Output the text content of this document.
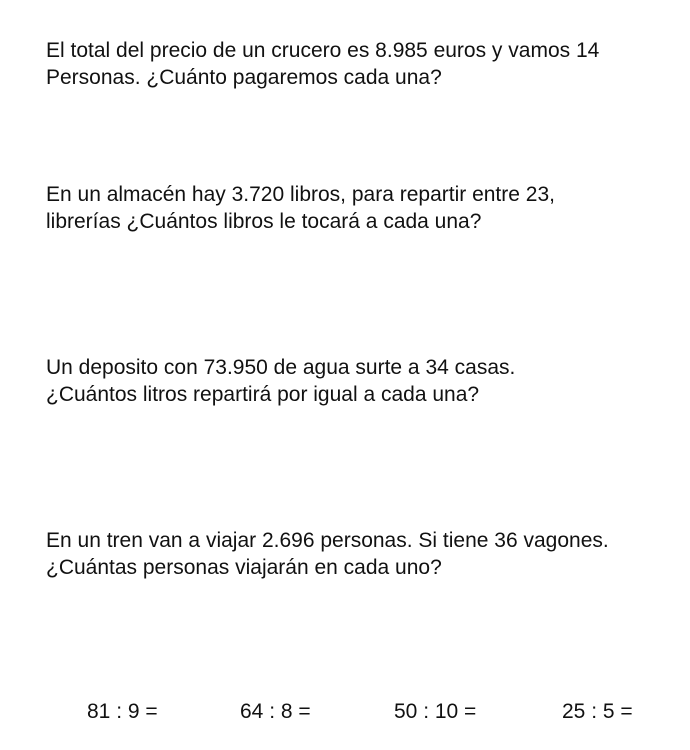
El total del precio de un crucero es 8.985 euros y vamos 14
Personas. ¿Cuánto pagaremos cada una?
En un almacén hay 3.720 libros, para repartir entre 23,
librerías ¿Cuántos libros le tocará a cada una?
Un deposito con 73.950 de agua surte a 34 casas.
¿Cuántos litros repartirá por igual a cada una?
En un tren van a viajar 2.696 personas. Si tiene 36 vagones.
¿Cuántas personas viajarán en cada uno?
81 : 9 =	64 : 8 =	50 : 10 =	25 : 5 =
